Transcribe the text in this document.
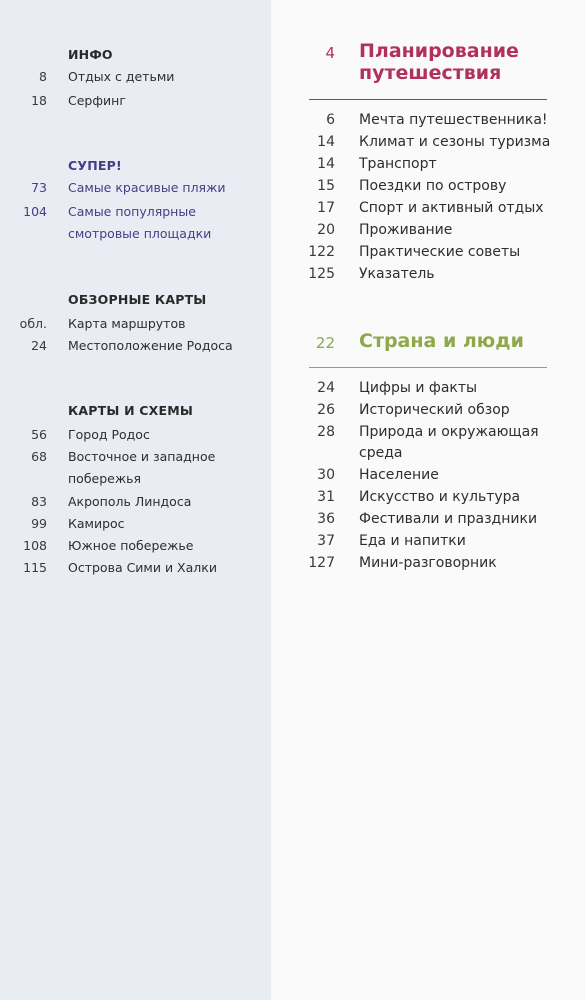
ИНФО
8 Отдых с детьми
18 Серфинг
СУПЕР!
73 Самые красивые пляжи
104 Самые популярные
смотровые площадки
ОБЗОРНЫЕ КАРТЫ
обл. Карта маршрутов
24 Местоположение Родоса
КАРТЫ И СХЕМЫ
56 Город Родос
68 Восточное и западное
побережья
83 Акрополь Линдоса
99 Камирос
108 Южное побережье
115 Острова Сими и Халки
4 Планирование
путешествия
6 Мечта путешественника!
14 Климат и сезоны туризма
14 Транспорт
15 Поездки по острову
17 Спорт и активный отдых
20 Проживание
122 Практические советы
125 Указатель
22 Страна и люди
24 Цифры и факты
26 Исторический обзор
28 Природа и окружающая
среда
30 Население
31 Искусство и культура
36 Фестивали и праздники
37 Еда и напитки
127 Мини-разговорник
